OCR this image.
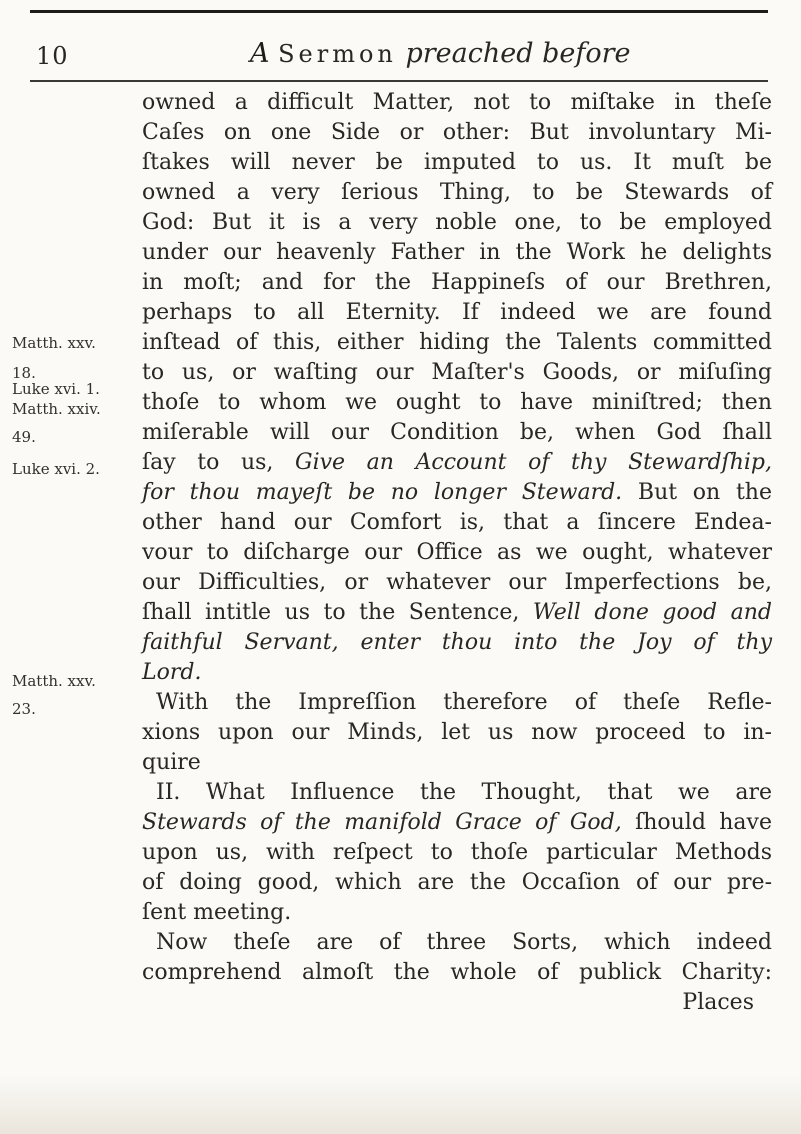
10	A Sermon preached before
Matth. xxv.
18.
Luke xvi. 1.
Matth. xxiv.
49.
Luke xvi. 2.
Matth. xxv.
23.
owned a difficult Matter, not to miſtake in theſe
Caſes on one Side or other: But involuntary Mi-
ſtakes will never be imputed to us. It muſt be
owned a very ſerious Thing, to be Stewards of
God: But it is a very noble one, to be employed
under our heavenly Father in the Work he delights
in moſt; and for the Happineſs of our Brethren,
perhaps to all Eternity. If indeed we are found
inſtead of this, either hiding the Talents committed
to us, or waſting our Maſter's Goods, or miſuſing
thoſe to whom we ought to have miniſtred; then
miſerable will our Condition be, when God ſhall
ſay to us, Give an Account of thy Stewardſhip,
for thou mayeſt be no longer Steward. But on the
other hand our Comfort is, that a ſincere Endea-
vour to diſcharge our Office as we ought, whatever
our Difficulties, or whatever our Imperfections be,
ſhall intitle us to the Sentence, Well done good and
faithful Servant, enter thou into the Joy of thy
Lord.
With the Impreſſion therefore of theſe Refle-
xions upon our Minds, let us now proceed to in-
quire
II. What Influence the Thought, that we are
Stewards of the manifold Grace of God, ſhould have
upon us, with reſpect to thoſe particular Methods
of doing good, which are the Occaſion of our pre-
ſent meeting.
Now theſe are of three Sorts, which indeed
comprehend almoſt the whole of publick Charity:
Places
